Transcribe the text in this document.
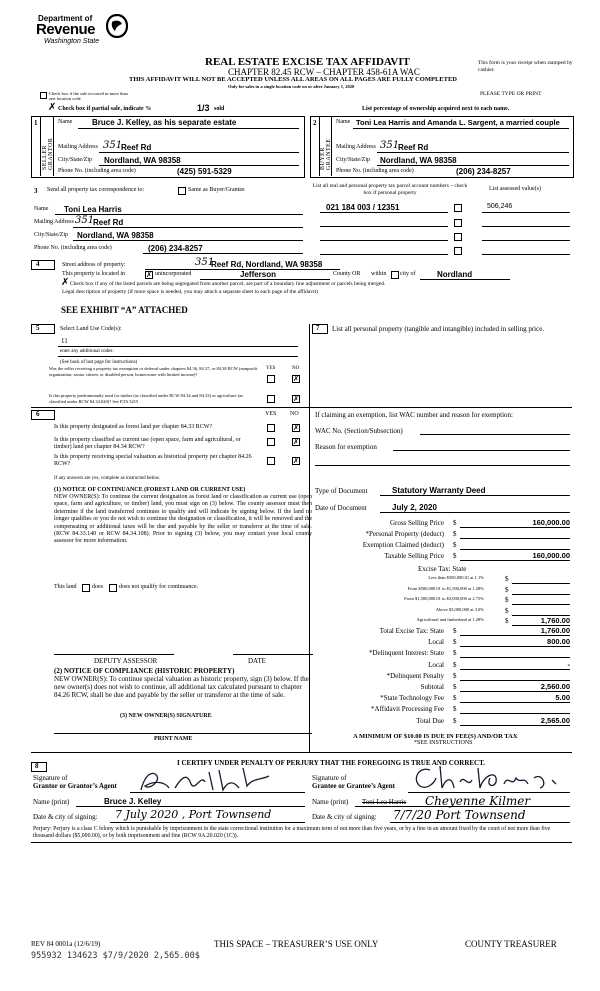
Department of
Revenue
Washington State
REAL ESTATE EXCISE TAX AFFIDAVIT
CHAPTER 82.45 RCW – CHAPTER 458-61A WAC
THIS AFFIDAVIT WILL NOT BE ACCEPTED UNLESS ALL AREAS ON ALL PAGES ARE FULLY COMPLETED
Only for sales in a single location code on or after January 1, 2020
This form is your receipt when stamped by cashier.
PLEASE TYPE OR PRINT
Check box if the sale occurred in more than one location code
✗ Check box if partial sale, indicate %	1/3 sold	List percentage of ownership acquired next to each name.
1
SELLER GRANTOR
Name Bruce J. Kelley, as his separate estate
Mailing Address 351
Reef Rd
City/State/Zip Nordland, WA 98358
Phone No. (including area code)	(425) 591-5329
2
BUYER GRANTEE
Name Toni Lea Harris and Amanda L. Sargent, a married couple
Mailing Address 351
Reef Rd
City/State/Zip Nordland, WA 98358
Phone No. (including area code)	(206) 234-8257
3 Send all property tax correspondence to:	Same as Buyer/Grantee
Name Toni Lea Harris
Mailing Address 351
Reef Rd
City/State/Zip Nordland, WA 98358
Phone No. (including area code)	(206) 234-8257
List all real and personal property tax parcel account numbers – check box if personal property
List assessed value(s)
021 184 003 / 12351	506,246
4	Street address of property:	351
Reef Rd, Nordland, WA 98358
This property is located in	✗ unincorporated	Jefferson	County OR within city of	Nordland
✗ Check box if any of the listed parcels are being segregated from another parcel, are part of a boundary line adjustment or parcels being merged.
Legal description of property (if more space is needed, you may attach a separate sheet to each page of the affidavit)
SEE EXHIBIT “A” ATTACHED
5	Select Land Use Code(s):
11
enter any additional codes:
(See back of last page for instructions)
YES	NO
Was the seller receiving a property tax exemption or deferral under chapters 84.36, 84.37, or 84.38 RCW (nonprofit organization, senior citizen, or disabled person, homeowner with limited income)?
✗
Is this property predominantly used for timber (as classified under RCW 84.34 and 84.33) or agriculture (as classified under RCW 84.34.020)? See ETA 3215	✗
6	YES NO
Is this property designated as forest land per chapter 84.33 RCW?	✗
Is this property classified as current use (open space, farm and agricultural, or timber) land per chapter 84.34 RCW?
✗
Is this property receiving special valuation as historical property per chapter 84.26 RCW?	✗
If any answers are yes, complete as instructed below.
(1) NOTICE OF CONTINUANCE (FOREST LAND OR CURRENT USE)
NEW OWNER(S): To continue the current designation as forest land or classification as current use (open space, farm and agriculture, or timber) land, you must sign on (3) below. The county assessor must then determine if the land transferred continues to qualify and will indicate by signing below. If the land no longer qualifies or you do not wish to continue the designation or classification, it will be removed and the compensating or additional taxes will be due and payable by the seller or transferor at the time of sale. (RCW 84.33.140 or RCW 84.34.108). Prior to signing (3) below, you may contact your local county assessor for more information.
This land	does	does not qualify for continuance.
DEPUTY ASSESSOR	DATE
(2) NOTICE OF COMPLIANCE (HISTORIC PROPERTY)
NEW OWNER(S): To continue special valuation as historic property, sign (3) below. If the new owner(s) does not wish to continue, all additional tax calculated pursuant to chapter 84.26 RCW, shall be due and payable by the seller or transferor at the time of sale.
(3) NEW OWNER(S) SIGNATURE
PRINT NAME
7 List all personal property (tangible and intangible) included in selling price.
If claiming an exemption, list WAC number and reason for exemption:
WAC No. (Section/Subsection)
Reason for exemption
Type of Document	Statutory Warranty Deed
Date of Document	July 2, 2020
Gross Selling Price $	160,000.00
*Personal Property (deduct) $
Exemption Claimed (deduct) $
Taxable Selling Price $	160,000.00
Less than $500,000.01 at 1.1%	$
From $500,000.01 to $1,500,000 at 1.28%	$
From $1,500,000.01 to $3,000,000 at 2.75%	$
Above $3,000,000 at 3.0%	$
Agricultural and timberland at 1.28%	$	1,760.00
Total Excise Tax: State $	1,760.00
Local $	800.00
*Delinquent Interest: State $
Local $	-
*Delinquent Penalty $
Subtotal $	2,560.00
*State Technology Fee $	5.00
*Affidavit Processing Fee $
Total Due $	2,565.00
Excise Tax: State
A MINIMUM OF $10.00 IS DUE IN FEE(S) AND/OR TAX
*SEE INSTRUCTIONS
8	I CERTIFY UNDER PENALTY OF PERJURY THAT THE FOREGOING IS TRUE AND CORRECT.
Signature of
Grantor or Grantor’s Agent
Name (print)	Bruce J. Kelley
Date & city of signing: 7 July 2020 , Port Townsend
Signature of
Grantee or Grantee’s Agent
Name (print) Toni Lea Harris Cheyenne Kilmer
Date & city of signing: 7/7/20 Port Townsend
Perjury: Perjury is a class C felony which is punishable by imprisonment in the state correctional institution for a maximum term of not more than five years, or by a fine in an amount fixed by the court of not more than five thousand dollars ($5,000.00), or by both imprisonment and fine (RCW 9A.20.020 (1C)).
REV 84 0001a (12/6/19)	THIS SPACE – TREASURER’S USE ONLY	COUNTY TREASURER
955932 134623 $7/9/2020 2,565.00$
